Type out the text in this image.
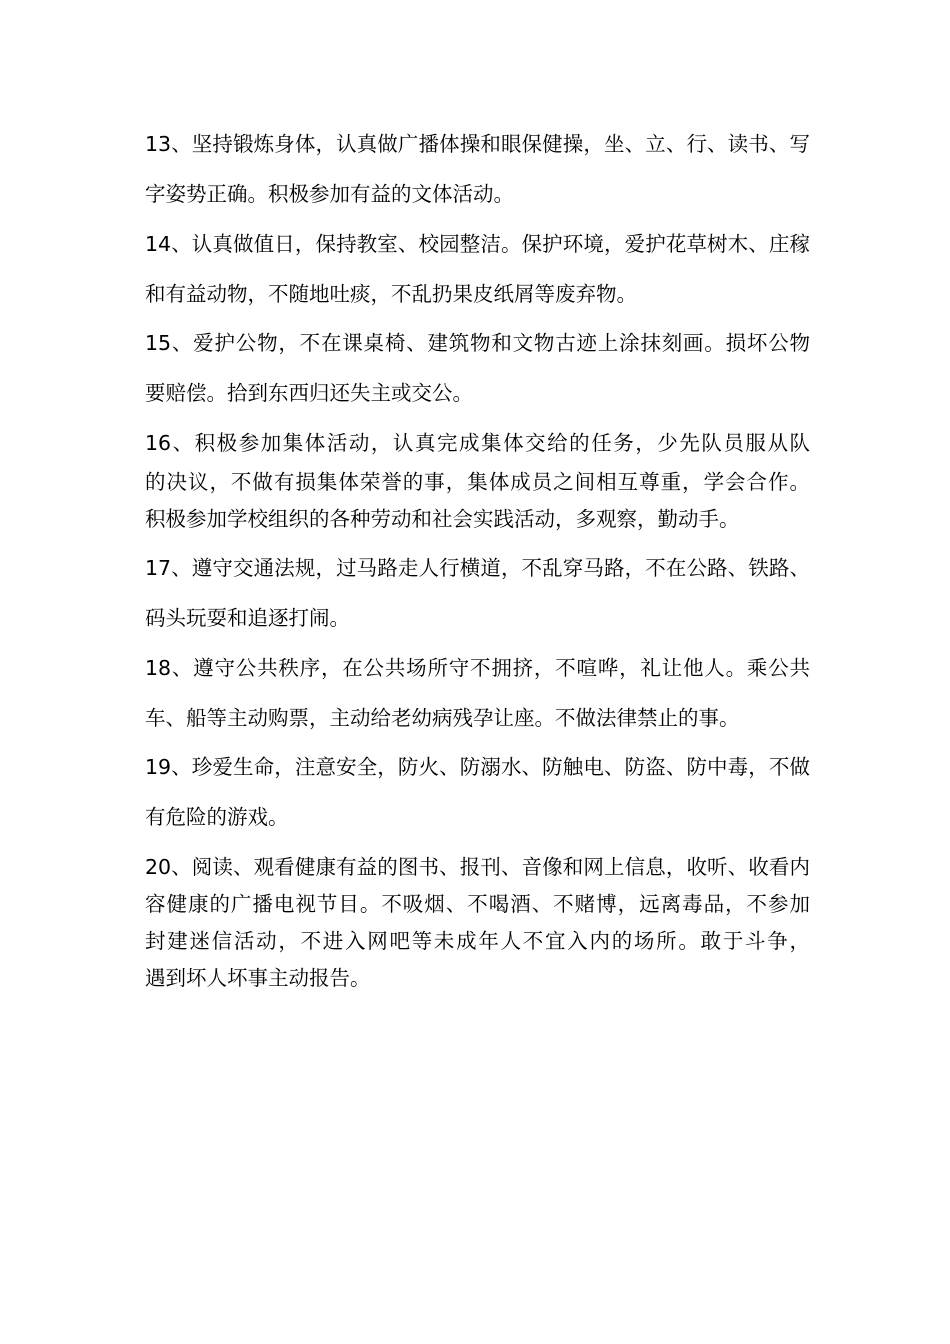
13、坚持锻炼身体，认真做广播体操和眼保健操，坐、立、行、读书、写
字姿势正确。积极参加有益的文体活动。
14、认真做值日，保持教室、校园整洁。保护环境，爱护花草树木、庄稼
和有益动物，不随地吐痰，不乱扔果皮纸屑等废弃物。
15、爱护公物，不在课桌椅、建筑物和文物古迹上涂抹刻画。损坏公物
要赔偿。拾到东西归还失主或交公。
16、积极参加集体活动，认真完成集体交给的任务，少先队员服从队
的决议，不做有损集体荣誉的事，集体成员之间相互尊重，学会合作。
积极参加学校组织的各种劳动和社会实践活动，多观察，勤动手。
17、遵守交通法规，过马路走人行横道，不乱穿马路，不在公路、铁路、
码头玩耍和追逐打闹。
18、遵守公共秩序，在公共场所守不拥挤，不喧哗，礼让他人。乘公共
车、船等主动购票，主动给老幼病残孕让座。不做法律禁止的事。
19、珍爱生命，注意安全，防火、防溺水、防触电、防盗、防中毒，不做
有危险的游戏。
20、阅读、观看健康有益的图书、报刊、音像和网上信息，收听、收看内
容健康的广播电视节目。不吸烟、不喝酒、不赌博，远离毒品，不参加
封建迷信活动，不进入网吧等未成年人不宜入内的场所。敢于斗争，
遇到坏人坏事主动报告。
